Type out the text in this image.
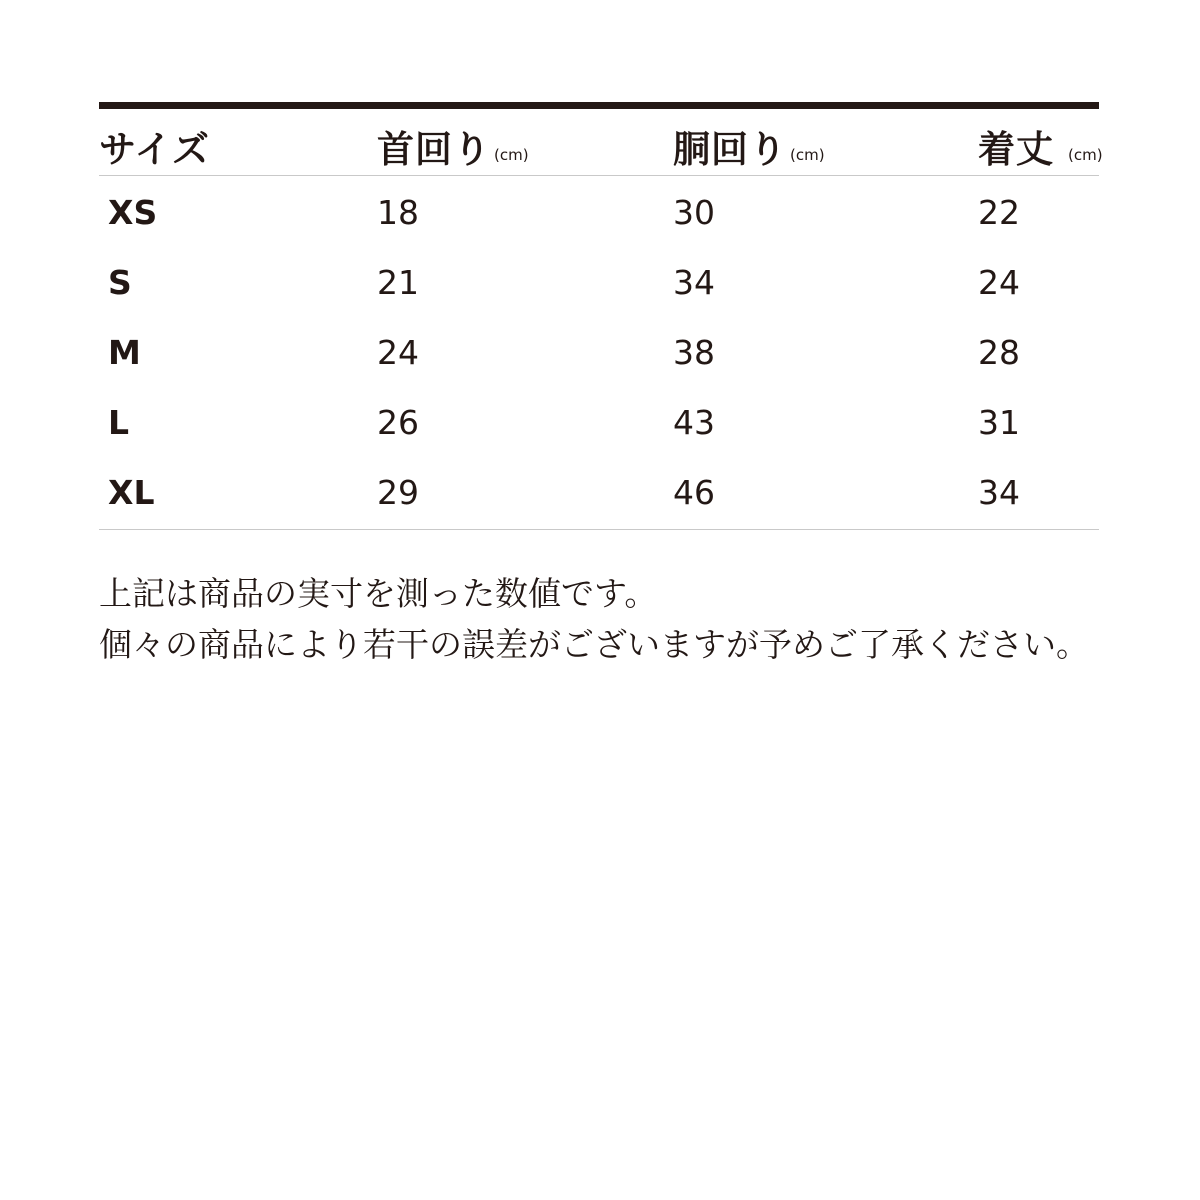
サイズ	首回り (cm)	胴回り (cm)	着丈 (cm)
XS	18	30	22
S	21	34	24
M	24	38	28
L	26	43	31
XL	29	46	34

上記は商品の実寸を測った数値です。

個々の商品により若干の誤差がございますが予めご了承ください。
